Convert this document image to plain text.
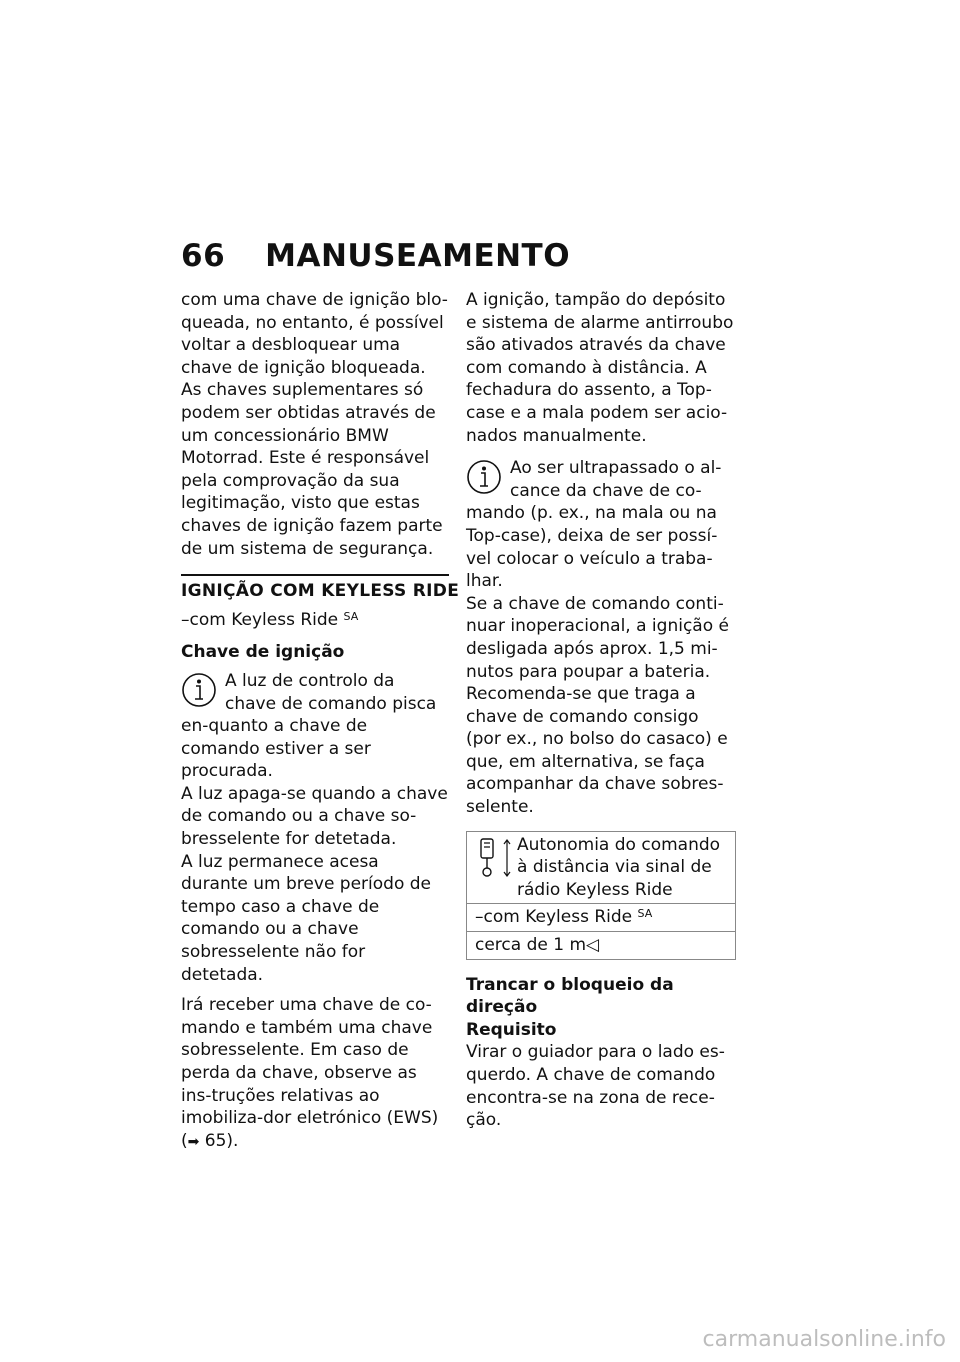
66 MANUSEAMENTO

com uma chave de ignição blo-queada, no entanto, é possível voltar a desbloquear uma chave de ignição bloqueada.

As chaves suplementares só podem ser obtidas através de um concessionário BMW Motorrad. Este é responsável pela comprovação da sua legitimação, visto que estas chaves de ignição fazem parte de um sistema de segurança.

IGNIÇÃO COM KEYLESS RIDE

–com Keyless Ride $^{SA}$

Chave de ignição

A luz de controlo da chave de comando pisca en-quanto a chave de comando estiver a ser procurada.

A luz apaga-se quando a chave de comando ou a chave so-bresselente for detetada.

A luz permanece acesa durante um breve período de tempo caso a chave de comando ou a chave sobresselente não for detetada.

Irá receber uma chave de co-mando e também uma chave sobresselente. Em caso de perda da chave, observe as ins-truções relativas ao imobiliza-dor eletrónico (EWS) (➡ 65).

A ignição, tampão do depósito e sistema de alarme antirroubo são ativados através da chave com comando à distância. A fechadura do assento, a Top-case e a mala podem ser acio-nados manualmente.

Ao ser ultrapassado o al-cance da chave de co-mando (p. ex., na mala ou na Top-case), deixa de ser possí-vel colocar o veículo a traba-lhar.

Se a chave de comando conti-nuar inoperacional, a ignição é desligada após aprox. 1,5 mi-nutos para poupar a bateria.

Recomenda-se que traga a chave de comando consigo (por ex., no bolso do casaco) e que, em alternativa, se faça acompanhar da chave sobres-selente.

Autonomia do comando à distância via sinal de rádio Keyless Ride
–com Keyless Ride $^{SA}$
cerca de 1 m◁

Trancar o bloqueio da direção

Requisito

Virar o guiador para o lado es-querdo. A chave de comando encontra-se na zona de rece-ção.

carmanualsonline.info
